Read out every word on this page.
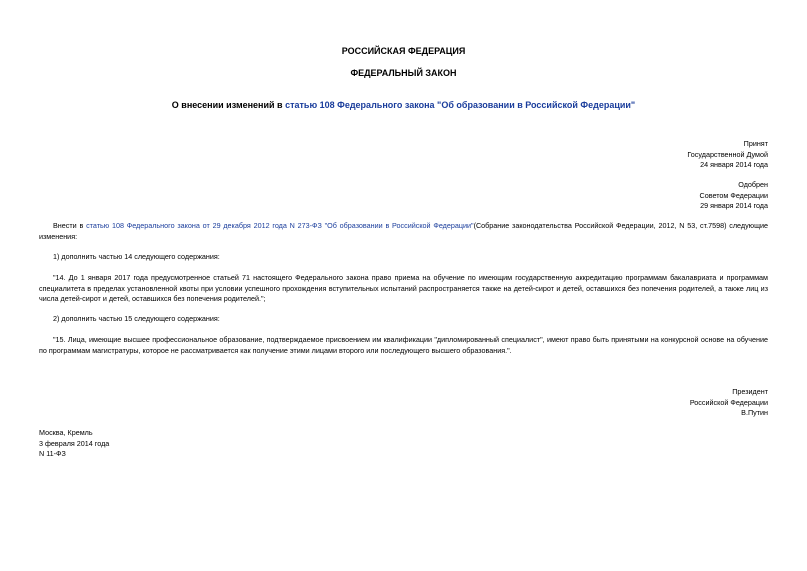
РОССИЙСКАЯ ФЕДЕРАЦИЯ
ФЕДЕРАЛЬНЫЙ ЗАКОН
О внесении изменений в статью 108 Федерального закона "Об образовании в Российской Федерации"
Принят
Государственной Думой
24 января 2014 года
Одобрен
Советом Федерации
29 января 2014 года
Внести в статью 108 Федерального закона от 29 декабря 2012 года N 273-ФЗ "Об образовании в Российской Федерации"(Собрание законодательства Российской Федерации, 2012, N 53, ст.7598) следующие изменения:
1) дополнить частью 14 следующего содержания:
"14. До 1 января 2017 года предусмотренное статьей 71 настоящего Федерального закона право приема на обучение по имеющим государственную аккредитацию программам бакалавриата и программам специалитета в пределах установленной квоты при условии успешного прохождения вступительных испытаний распространяется также на детей-сирот и детей, оставшихся без попечения родителей, а также лиц из числа детей-сирот и детей, оставшихся без попечения родителей.";
2) дополнить частью 15 следующего содержания:
"15. Лица, имеющие высшее профессиональное образование, подтверждаемое присвоением им квалификации "дипломированный специалист", имеют право быть принятыми на конкурсной основе на обучение по программам магистратуры, которое не рассматривается как получение этими лицами второго или последующего высшего образования.".
Президент
Российской Федерации
В.Путин
Москва, Кремль
3 февраля 2014 года
N 11-ФЗ
